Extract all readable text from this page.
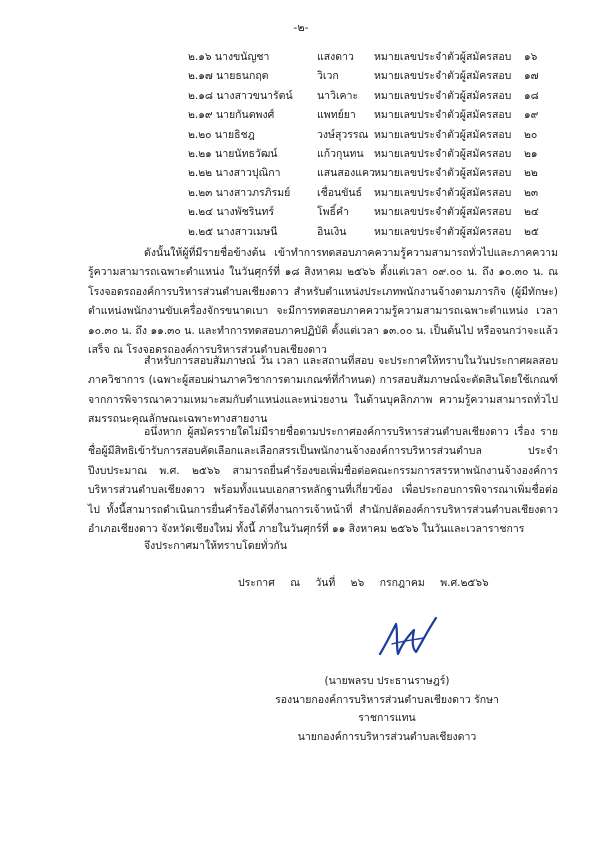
-๒-
๒.๑๖ นางขนัญชา	แสงดาว หมายเลขประจำตัวผู้สมัครสอบ ๑๖
๒.๑๗ นายธนกฤต	วิเวก	หมายเลขประจำตัวผู้สมัครสอบ ๑๗
๒.๑๘ นางสาวขนารัตน์ นาวิเคาะ หมายเลขประจำตัวผู้สมัครสอบ ๑๘
๒.๑๙ นายกันตพงศ์	แพทย์ยา หมายเลขประจำตัวผู้สมัครสอบ ๑๙
๒.๒๐ นายธิชฎ	วงษ์สุวรรณ หมายเลขประจำตัวผู้สมัครสอบ ๒๐
๒.๒๑ นายนัทธวัฒน์	แก้วกุนทน หมายเลขประจำตัวผู้สมัครสอบ ๒๑
๒.๒๒ นางสาวปุณิกา	แสนสองแคว หมายเลขประจำตัวผู้สมัครสอบ ๒๒
๒.๒๓ นางสาวภรภิรมย์	เชื่อนขันธ์ หมายเลขประจำตัวผู้สมัครสอบ ๒๓
๒.๒๔ นางพัชรินทร์	โพธิ์คำ หมายเลขประจำตัวผู้สมัครสอบ ๒๔
๒.๒๕ นางสาวเมษนี	อินเงิน	หมายเลขประจำตัวผู้สมัครสอบ ๒๕

ดังนั้นให้ผู้ที่มีรายชื่อข้างต้น เข้าทำการทดสอบภาคความรู้ความสามารถทั่วไปและภาคความรู้ความสามารถเฉพาะตำแหน่ง ในวันศุกร์ที่ ๑๘ สิงหาคม ๒๕๖๖ ตั้งแต่เวลา ๐๙.๐๐ น. ถึง ๑๐.๓๐ น. ณ โรงจอดรถองค์การบริหารส่วนตำบลเชียงดาว สำหรับตำแหน่งประเภทพนักงานจ้างตามภารกิจ (ผู้มีทักษะ) ตำแหน่งพนักงานขับเครื่องจักรขนาดเบา จะมีการทดสอบภาคความรู้ความสามารถเฉพาะตำแหน่ง เวลา ๑๐.๓๐ น. ถึง ๑๑.๓๐ น. และทำการทดสอบภาคปฏิบัติ ตั้งแต่เวลา ๑๓.๐๐ น. เป็นต้นไป หรือจนกว่าจะแล้วเสร็จ ณ โรงจอดรถองค์การบริหารส่วนตำบลเชียงดาว

สำหรับการสอบสัมภาษณ์ วัน เวลา และสถานที่สอบ จะประกาศให้ทราบในวันประกาศผลสอบภาควิชาการ (เฉพาะผู้สอบผ่านภาควิชาการตามเกณฑ์ที่กำหนด) การสอบสัมภาษณ์จะตัดสินโดยใช้เกณฑ์ จากการพิจารณาความเหมาะสมกับตำแหน่งและหน่วยงาน ในด้านบุคลิกภาพ ความรู้ความสามารถทั่วไป สมรรถนะคุณลักษณะเฉพาะทางสายงาน

อนึ่งหาก ผู้สมัครรายใดไม่มีรายชื่อตามประกาศองค์การบริหารส่วนตำบลเชียงดาว เรื่อง รายชื่อผู้มีสิทธิเข้ารับการสอบคัดเลือกและเลือกสรรเป็นพนักงานจ้างองค์การบริหารส่วนตำบล ประจำปีงบประมาณ พ.ศ. ๒๕๖๖ สามารถยื่นคำร้องขอเพิ่มชื่อต่อคณะกรรมการสรรหาพนักงานจ้างองค์การบริหารส่วนตำบลเชียงดาว พร้อมทั้งแนบเอกสารหลักฐานที่เกี่ยวข้อง เพื่อประกอบการพิจารณาเพิ่มชื่อต่อไป ทั้งนี้สามารถดำเนินการยื่นคำร้องได้ที่งานการเจ้าหน้าที่ สำนักปลัดองค์การบริหารส่วนตำบลเชียงดาว อำเภอเชียงดาว จังหวัดเชียงใหม่ ทั้งนี้ ภายในวันศุกร์ที่ ๑๑ สิงหาคม ๒๕๖๖ ในวันและเวลาราชการ

จึงประกาศมาให้ทราบโดยทั่วกัน
ประกาศ ณ วันที่ ๒๖ กรกฎาคม พ.ศ.๒๕๖๖
(นายพลรบ ประธานราษฎร์)
รองนายกองค์การบริหารส่วนตำบลเชียงดาว รักษาราชการแทน
นายกองค์การบริหารส่วนตำบลเชียงดาว
